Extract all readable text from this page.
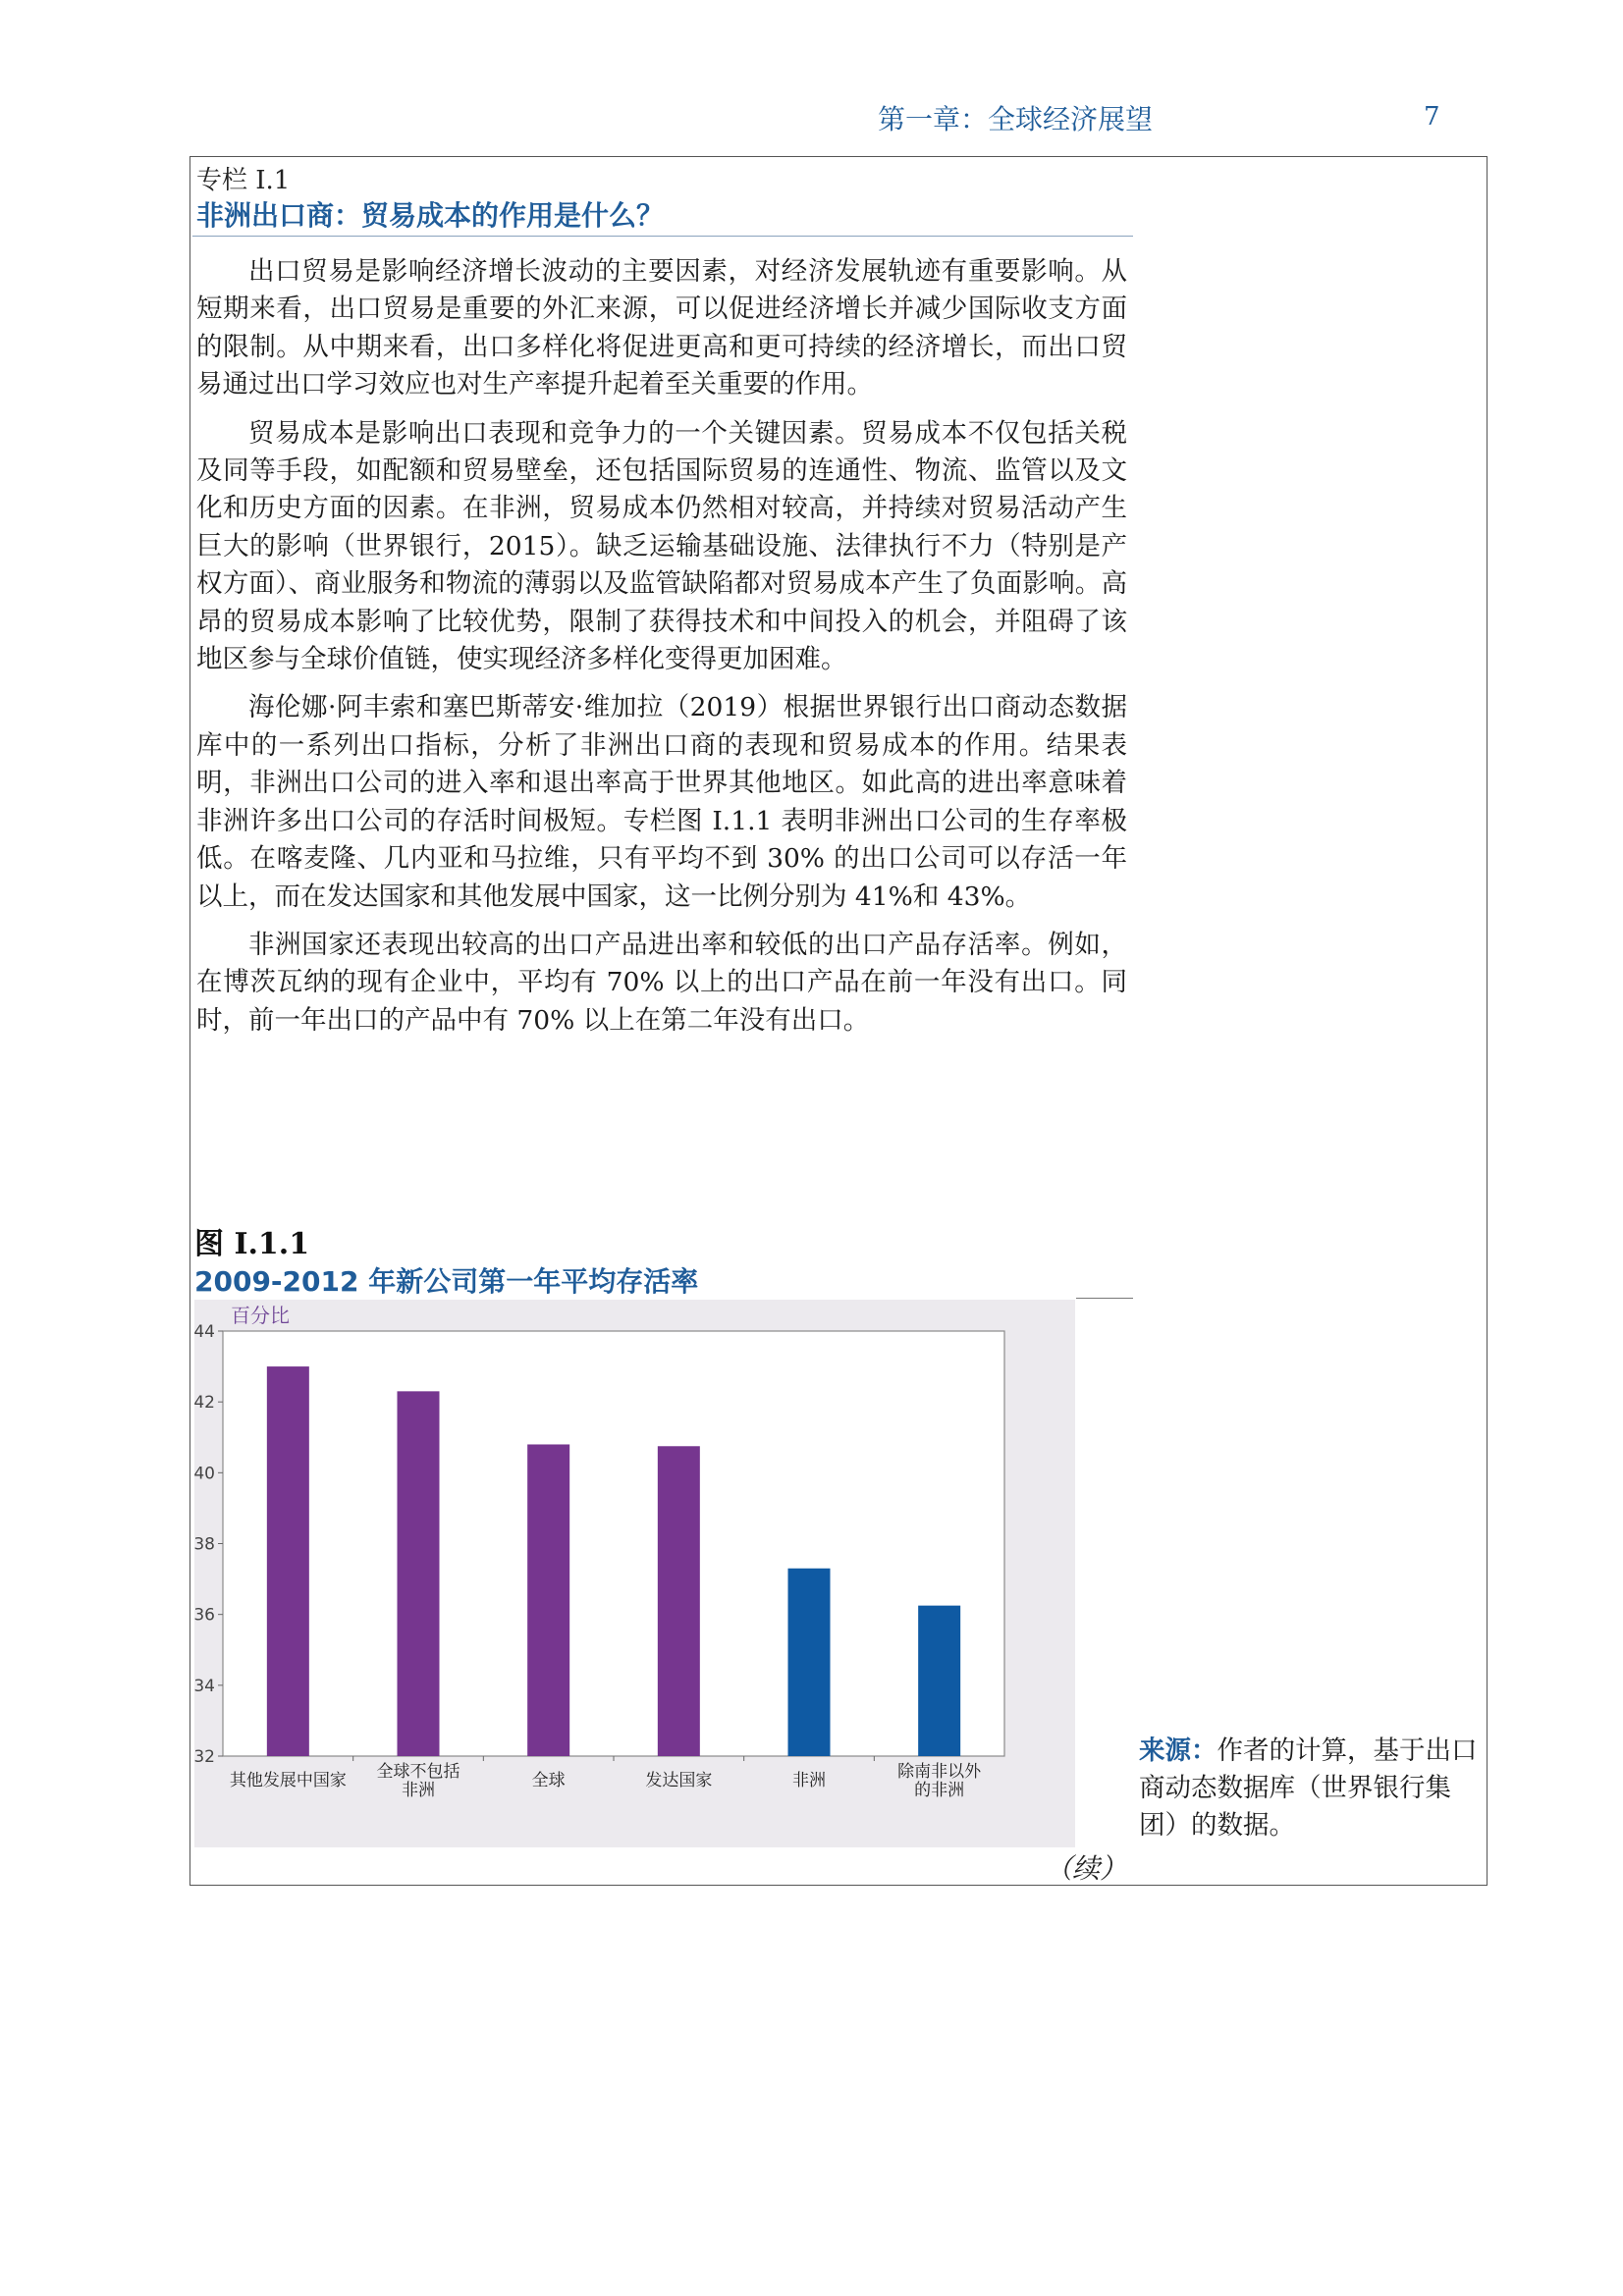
第一章：全球经济展望	7
专栏 I.1
非洲出口商：贸易成本的作用是什么？

出口贸易是影响经济增长波动的主要因素，对经济发展轨迹有重要影响。从短期来看，出口贸易是重要的外汇来源，可以促进经济增长并减少国际收支方面的限制。从中期来看，出口多样化将促进更高和更可持续的经济增长，而出口贸易通过出口学习效应也对生产率提升起着至关重要的作用。

贸易成本是影响出口表现和竞争力的一个关键因素。贸易成本不仅包括关税及同等手段，如配额和贸易壁垒，还包括国际贸易的连通性、物流、监管以及文化和历史方面的因素。在非洲，贸易成本仍然相对较高，并持续对贸易活动产生巨大的影响（世界银行，2015）。缺乏运输基础设施、法律执行不力（特别是产权方面）、商业服务和物流的薄弱以及监管缺陷都对贸易成本产生了负面影响。高昂的贸易成本影响了比较优势，限制了获得技术和中间投入的机会，并阻碍了该地区参与全球价值链，使实现经济多样化变得更加困难。

海伦娜·阿丰索和塞巴斯蒂安·维加拉（2019）根据世界银行出口商动态数据库中的一系列出口指标，分析了非洲出口商的表现和贸易成本的作用。结果表明，非洲出口公司的进入率和退出率高于世界其他地区。如此高的进出率意味着非洲许多出口公司的存活时间极短。专栏图 I.1.1 表明非洲出口公司的生存率极低。在喀麦隆、几内亚和马拉维，只有平均不到 30% 的出口公司可以存活一年以上，而在发达国家和其他发展中国家，这一比例分别为 41%和 43%。

非洲国家还表现出较高的出口产品进出率和较低的出口产品存活率。例如，在博茨瓦纳的现有企业中，平均有 70% 以上的出口产品在前一年没有出口。同时，前一年出口的产品中有 70% 以上在第二年没有出口。

图 I.1.1
2009-2012 年新公司第一年平均存活率
百分比
32
34
36
38
40
42
44
其他发展中国家 全球不包括非洲	全球	发达国家	非洲	除南非以外的非洲
来源：作者的计算，基于出口商动态数据库（世界银行集团）的数据。
（续）
